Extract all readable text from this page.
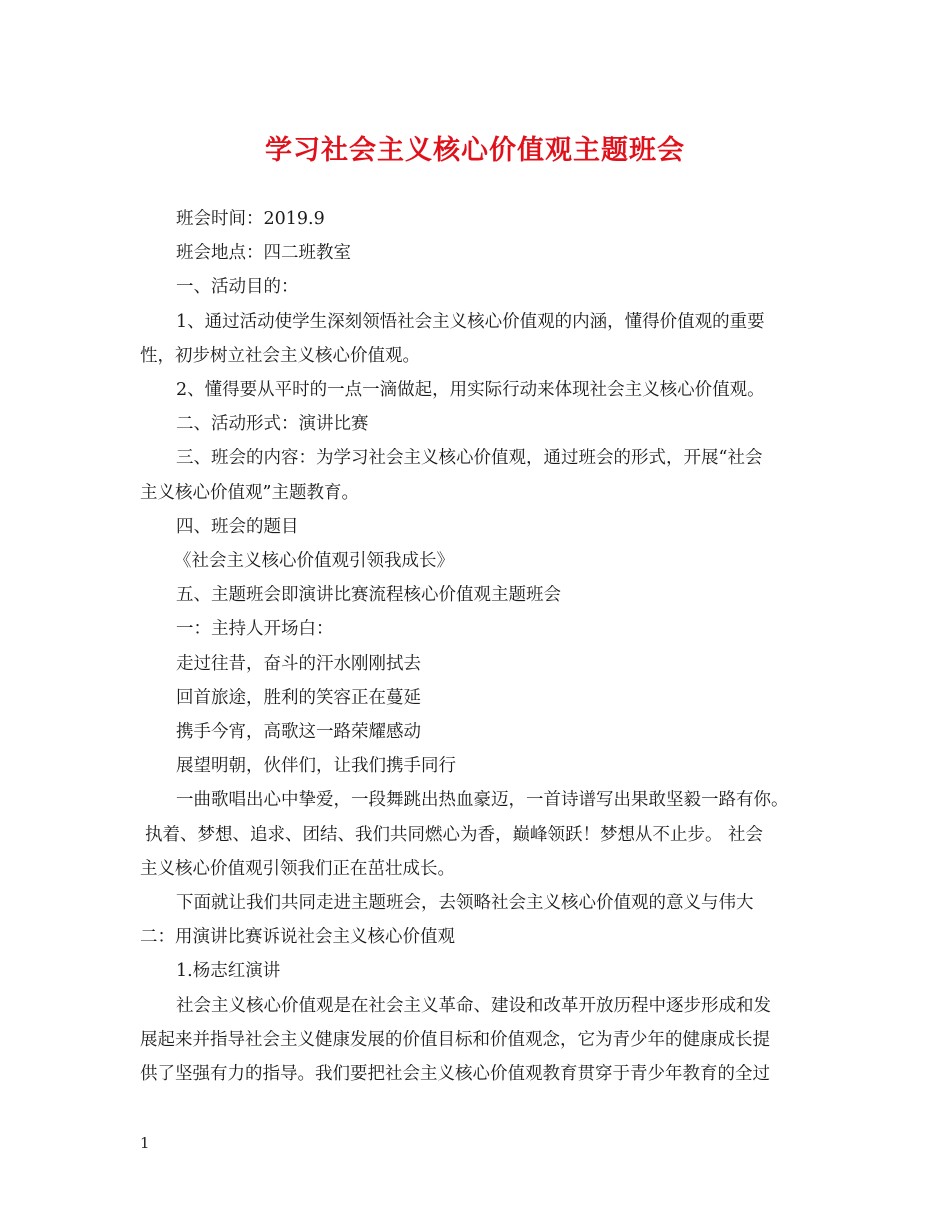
学习社会主义核心价值观主题班会

班会时间：2019.9

班会地点：四二班教室

一、活动目的：

1、通过活动使学生深刻领悟社会主义核心价值观的内涵，懂得价值观的重要

性，初步树立社会主义核心价值观。

2、懂得要从平时的一点一滴做起，用实际行动来体现社会主义核心价值观。

二、活动形式：演讲比赛

三、班会的内容：为学习社会主义核心价值观，通过班会的形式，开展“社会

主义核心价值观”主题教育。

四、班会的题目

《社会主义核心价值观引领我成长》

五、主题班会即演讲比赛流程核心价值观主题班会

一：主持人开场白：

走过往昔，奋斗的汗水刚刚拭去

回首旅途，胜利的笑容正在蔓延

携手今宵，高歌这一路荣耀感动

展望明朝，伙伴们，让我们携手同行

一曲歌唱出心中挚爱，一段舞跳出热血豪迈，一首诗谱写出果敢坚毅一路有你。

执着、梦想、追求、团结、我们共同燃心为香，巅峰领跃！梦想从不止步。 社会

主义核心价值观引领我们正在茁壮成长。

下面就让我们共同走进主题班会，去领略社会主义核心价值观的意义与伟大

二：用演讲比赛诉说社会主义核心价值观

1.杨志红演讲

社会主义核心价值观是在社会主义革命、建设和改革开放历程中逐步形成和发

展起来并指导社会主义健康发展的价值目标和价值观念，它为青少年的健康成长提

供了坚强有力的指导。我们要把社会主义核心价值观教育贯穿于青少年教育的全过

1
